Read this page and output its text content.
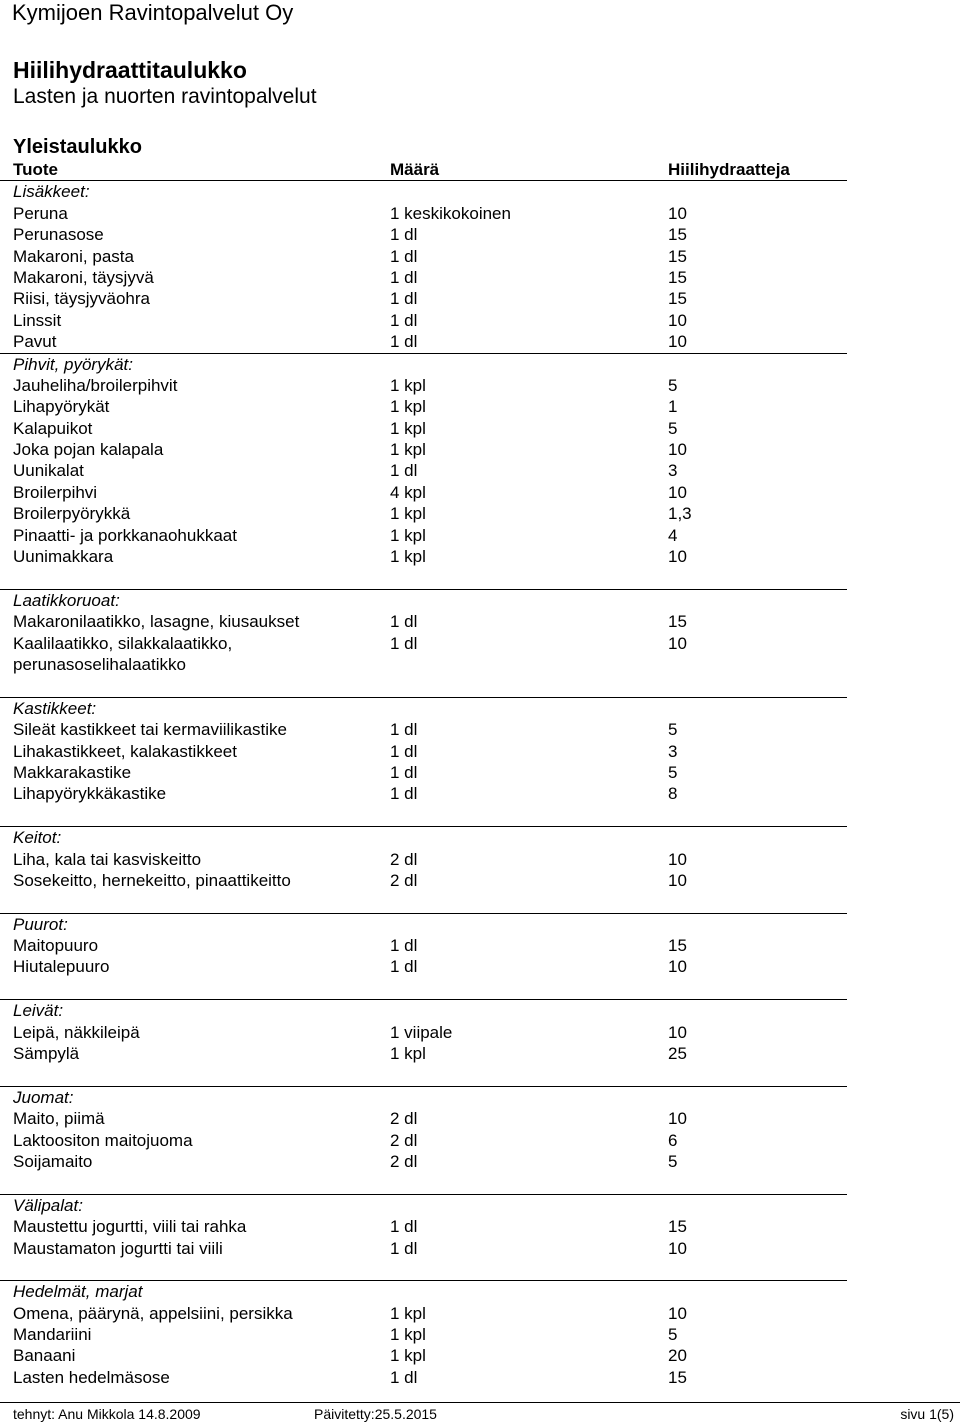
Kymijoen Ravintopalvelut Oy
Hiilihydraattitaulukko
Lasten ja nuorten ravintopalvelut
Yleistaulukko
Tuote	Määrä	Hiilihydraatteja
Lisäkkeet:
Peruna	1 keskikokoinen	10
Perunasose	1 dl	15
Makaroni, pasta	1 dl	15
Makaroni, täysjyvä	1 dl	15
Riisi, täysjyväohra	1 dl	15
Linssit	1 dl	10
Pavut	1 dl	10
Pihvit, pyörykät:
Jauheliha/broilerpihvit	1 kpl	5
Lihapyörykät	1 kpl	1
Kalapuikot	1 kpl	5
Joka pojan kalapala	1 kpl	10
Uunikalat	1 dl	3
Broilerpihvi	4 kpl	10
Broilerpyörykkä	1 kpl	1,3
Pinaatti- ja porkkanaohukkaat	1 kpl	4
Uunimakkara	1 kpl	10
Laatikkoruoat:
Makaronilaatikko, lasagne, kiusaukset	1 dl	15
Kaalilaatikko, silakkalaatikko,	1 dl	10
perunasoselihalaatikko
Kastikkeet:
Sileät kastikkeet tai kermaviilikastike	1 dl	5
Lihakastikkeet, kalakastikkeet	1 dl	3
Makkarakastike	1 dl	5
Lihapyörykkäkastike	1 dl	8
Keitot:
Liha, kala tai kasviskeitto	2 dl	10
Sosekeitto, hernekeitto, pinaattikeitto	2 dl	10
Puurot:
Maitopuuro	1 dl	15
Hiutalepuuro	1 dl	10
Leivät:
Leipä, näkkileipä	1 viipale	10
Sämpylä	1 kpl	25
Juomat:
Maito, piimä	2 dl	10
Laktoositon maitojuoma	2 dl	6
Soijamaito	2 dl	5
Välipalat:
Maustettu jogurtti, viili tai rahka	1 dl	15
Maustamaton jogurtti tai viili	1 dl	10
Hedelmät, marjat
Omena, päärynä, appelsiini, persikka	1 kpl	10
Mandariini	1 kpl	5
Banaani	1 kpl	20
Lasten hedelmäsose	1 dl	15
tehnyt: Anu Mikkola 14.8.2009	Päivitetty:25.5.2015	sivu 1(5)
